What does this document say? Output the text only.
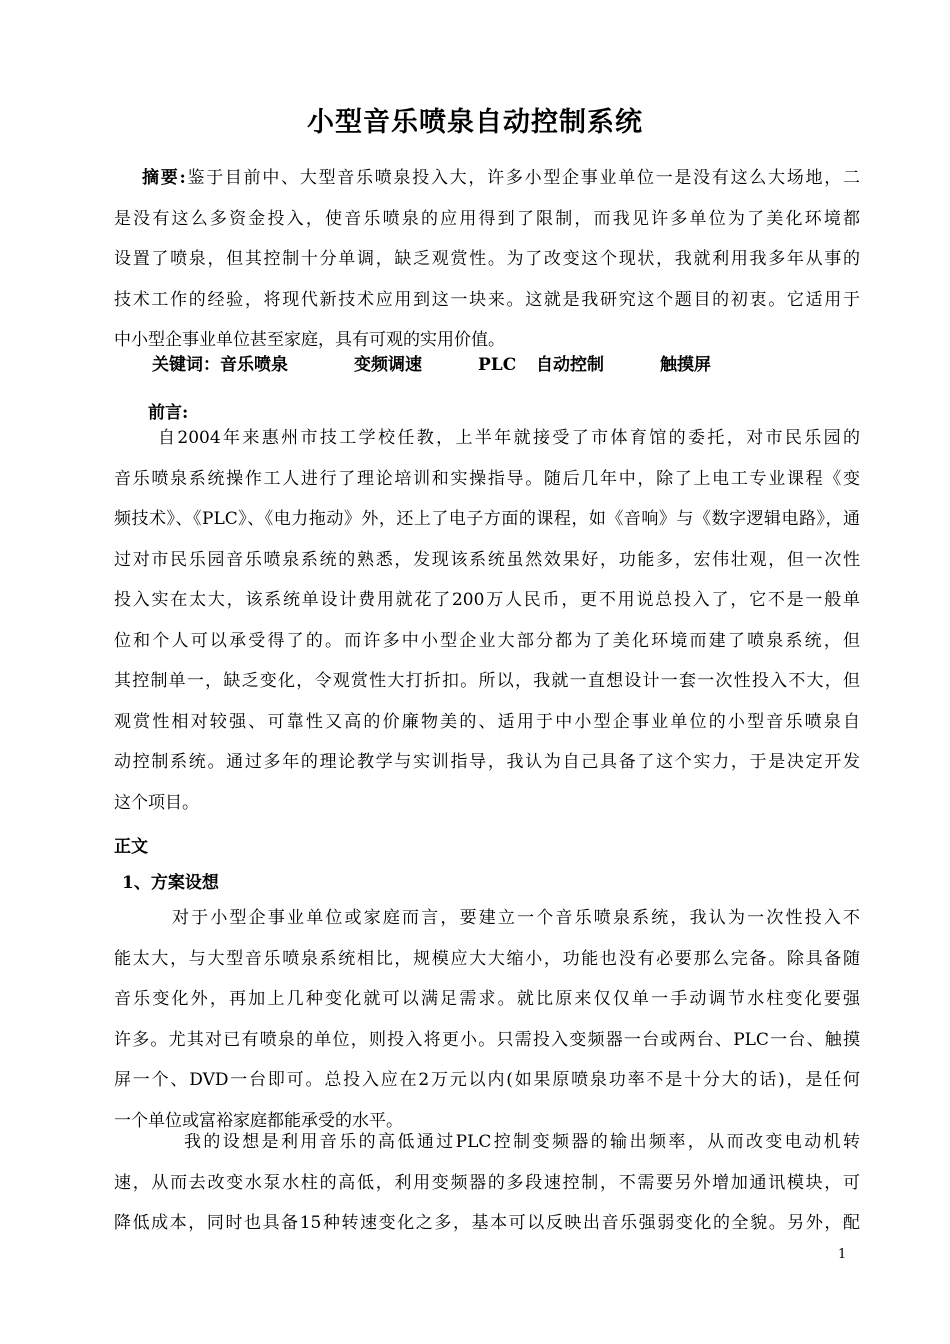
小型音乐喷泉自动控制系统
摘要:鉴于目前中、大型音乐喷泉投入大，许多小型企事业单位一是没有这么大场地，二
是没有这么多资金投入，使音乐喷泉的应用得到了限制，而我见许多单位为了美化环境都
设置了喷泉，但其控制十分单调，缺乏观赏性。为了改变这个现状，我就利用我多年从事的
技术工作的经验，将现代新技术应用到这一块来。这就是我研究这个题目的初衷。它适用于
中小型企事业单位甚至家庭，具有可观的实用价值。
关键词：音乐喷泉	变频调速	PLC 自动控制	触摸屏
前言:
自2004年来惠州市技工学校任教，上半年就接受了市体育馆的委托，对市民乐园的
音乐喷泉系统操作工人进行了理论培训和实操指导。随后几年中，除了上电工专业课程《变
频技术》、《PLC》、《电力拖动》外，还上了电子方面的课程，如《音响》与《数字逻辑电路》，通
过对市民乐园音乐喷泉系统的熟悉，发现该系统虽然效果好，功能多，宏伟壮观，但一次性
投入实在太大，该系统单设计费用就花了200万人民币，更不用说总投入了，它不是一般单
位和个人可以承受得了的。而许多中小型企业大部分都为了美化环境而建了喷泉系统，但
其控制单一，缺乏变化，令观赏性大打折扣。所以，我就一直想设计一套一次性投入不大，但
观赏性相对较强、可靠性又高的价廉物美的、适用于中小型企事业单位的小型音乐喷泉自
动控制系统。通过多年的理论教学与实训指导，我认为自己具备了这个实力，于是决定开发
这个项目。
正文
1、方案设想
对于小型企事业单位或家庭而言，要建立一个音乐喷泉系统，我认为一次性投入不
能太大，与大型音乐喷泉系统相比，规模应大大缩小，功能也没有必要那么完备。除具备随
音乐变化外，再加上几种变化就可以满足需求。就比原来仅仅单一手动调节水柱变化要强
许多。尤其对已有喷泉的单位，则投入将更小。只需投入变频器一台或两台、PLC一台、触摸
屏一个、DVD一台即可。总投入应在2万元以内(如果原喷泉功率不是十分大的话)，是任何
一个单位或富裕家庭都能承受的水平。
我的设想是利用音乐的高低通过PLC控制变频器的输出频率，从而改变电动机转
速，从而去改变水泵水柱的高低，利用变频器的多段速控制，不需要另外增加通讯模块，可
降低成本，同时也具备15种转速变化之多，基本可以反映出音乐强弱变化的全貌。另外，配
1
